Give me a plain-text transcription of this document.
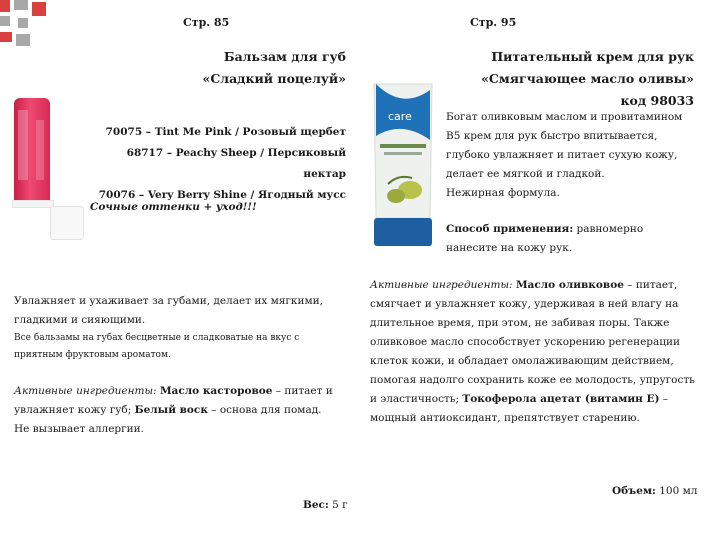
Стр. 85	Стр. 95
Бальзам для губ
«Сладкий поцелуй»
70075 – Tint Me Pink / Розовый щербет
68717 – Peachy Sheep / Персиковый нектар
70076 – Very Berry Shine / Ягодный мусс
Сочные оттенки + уход!!!
Увлажняет и ухаживает за губами, делает их мягкими, гладкими и сияющими.
Все бальзамы на губах бесцветные и сладковатые на вкус с приятным фруктовым ароматом.
Активные ингредиенты: Масло касторовое – питает и увлажняет кожу губ; Белый воск – основа для помад. Не вызывает аллергии.
Вес: 5 г
Питательный крем для рук
«Смягчающее масло оливы»
код 98033
care	Богат оливковым маслом и провитамином В5 крем для рук быстро впитывается, глубоко увлажняет и питает сухую кожу, делает ее мягкой и гладкой.
Нежирная формула.
Способ применения: равномерно нанесите на кожу рук.
Активные ингредиенты: Масло оливковое – питает, смягчает и увлажняет кожу, удерживая в ней влагу на длительное время, при этом, не забивая поры. Также оливковое масло способствует ускорению регенерации клеток кожи, и обладает омолаживающим действием, помогая надолго сохранить коже ее молодость, упругость и эластичность; Токоферола ацетат (витамин Е) – мощный антиоксидант, препятствует старению.
Объем: 100 мл
